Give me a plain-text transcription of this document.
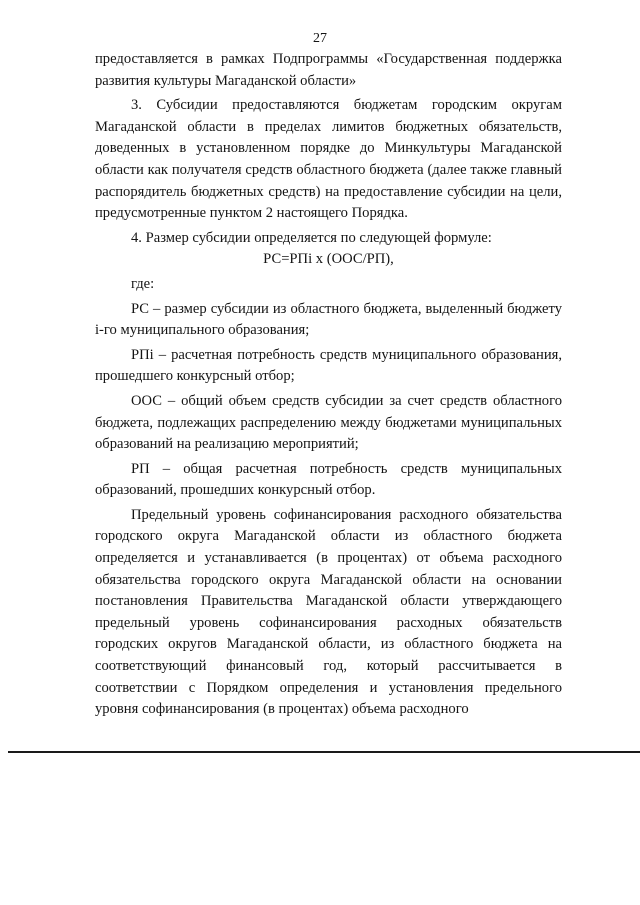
27

предоставляется в рамках Подпрограммы «Государственная поддержка развития культуры Магаданской области»

3. Субсидии предоставляются бюджетам городским округам Магаданской области в пределах лимитов бюджетных обязательств, доведенных в установленном порядке до Минкультуры Магаданской области как получателя средств областного бюджета (далее также главный распорядитель бюджетных средств) на предоставление субсидии на цели, предусмотренные пунктом 2 настоящего Порядка.

4. Размер субсидии определяется по следующей формуле:

РС=РПі х (ООС/РП),

где:

РС – размер субсидии из областного бюджета, выделенный бюджету i-го муниципального образования;

РПi – расчетная потребность средств муниципального образования, прошедшего конкурсный отбор;

ООС – общий объем средств субсидии за счет средств областного бюджета, подлежащих распределению между бюджетами муниципальных образований на реализацию мероприятий;

РП – общая расчетная потребность средств муниципальных образований, прошедших конкурсный отбор.

Предельный уровень софинансирования расходного обязательства городского округа Магаданской области из областного бюджета определяется и устанавливается (в процентах) от объема расходного обязательства городского округа Магаданской области на основании постановления Правительства Магаданской области утверждающего предельный уровень софинансирования расходных обязательств городских округов Магаданской области, из областного бюджета на соответствующий финансовый год, который рассчитывается в соответствии с Порядком определения и установления предельного уровня софинансирования (в процентах) объема расходного
